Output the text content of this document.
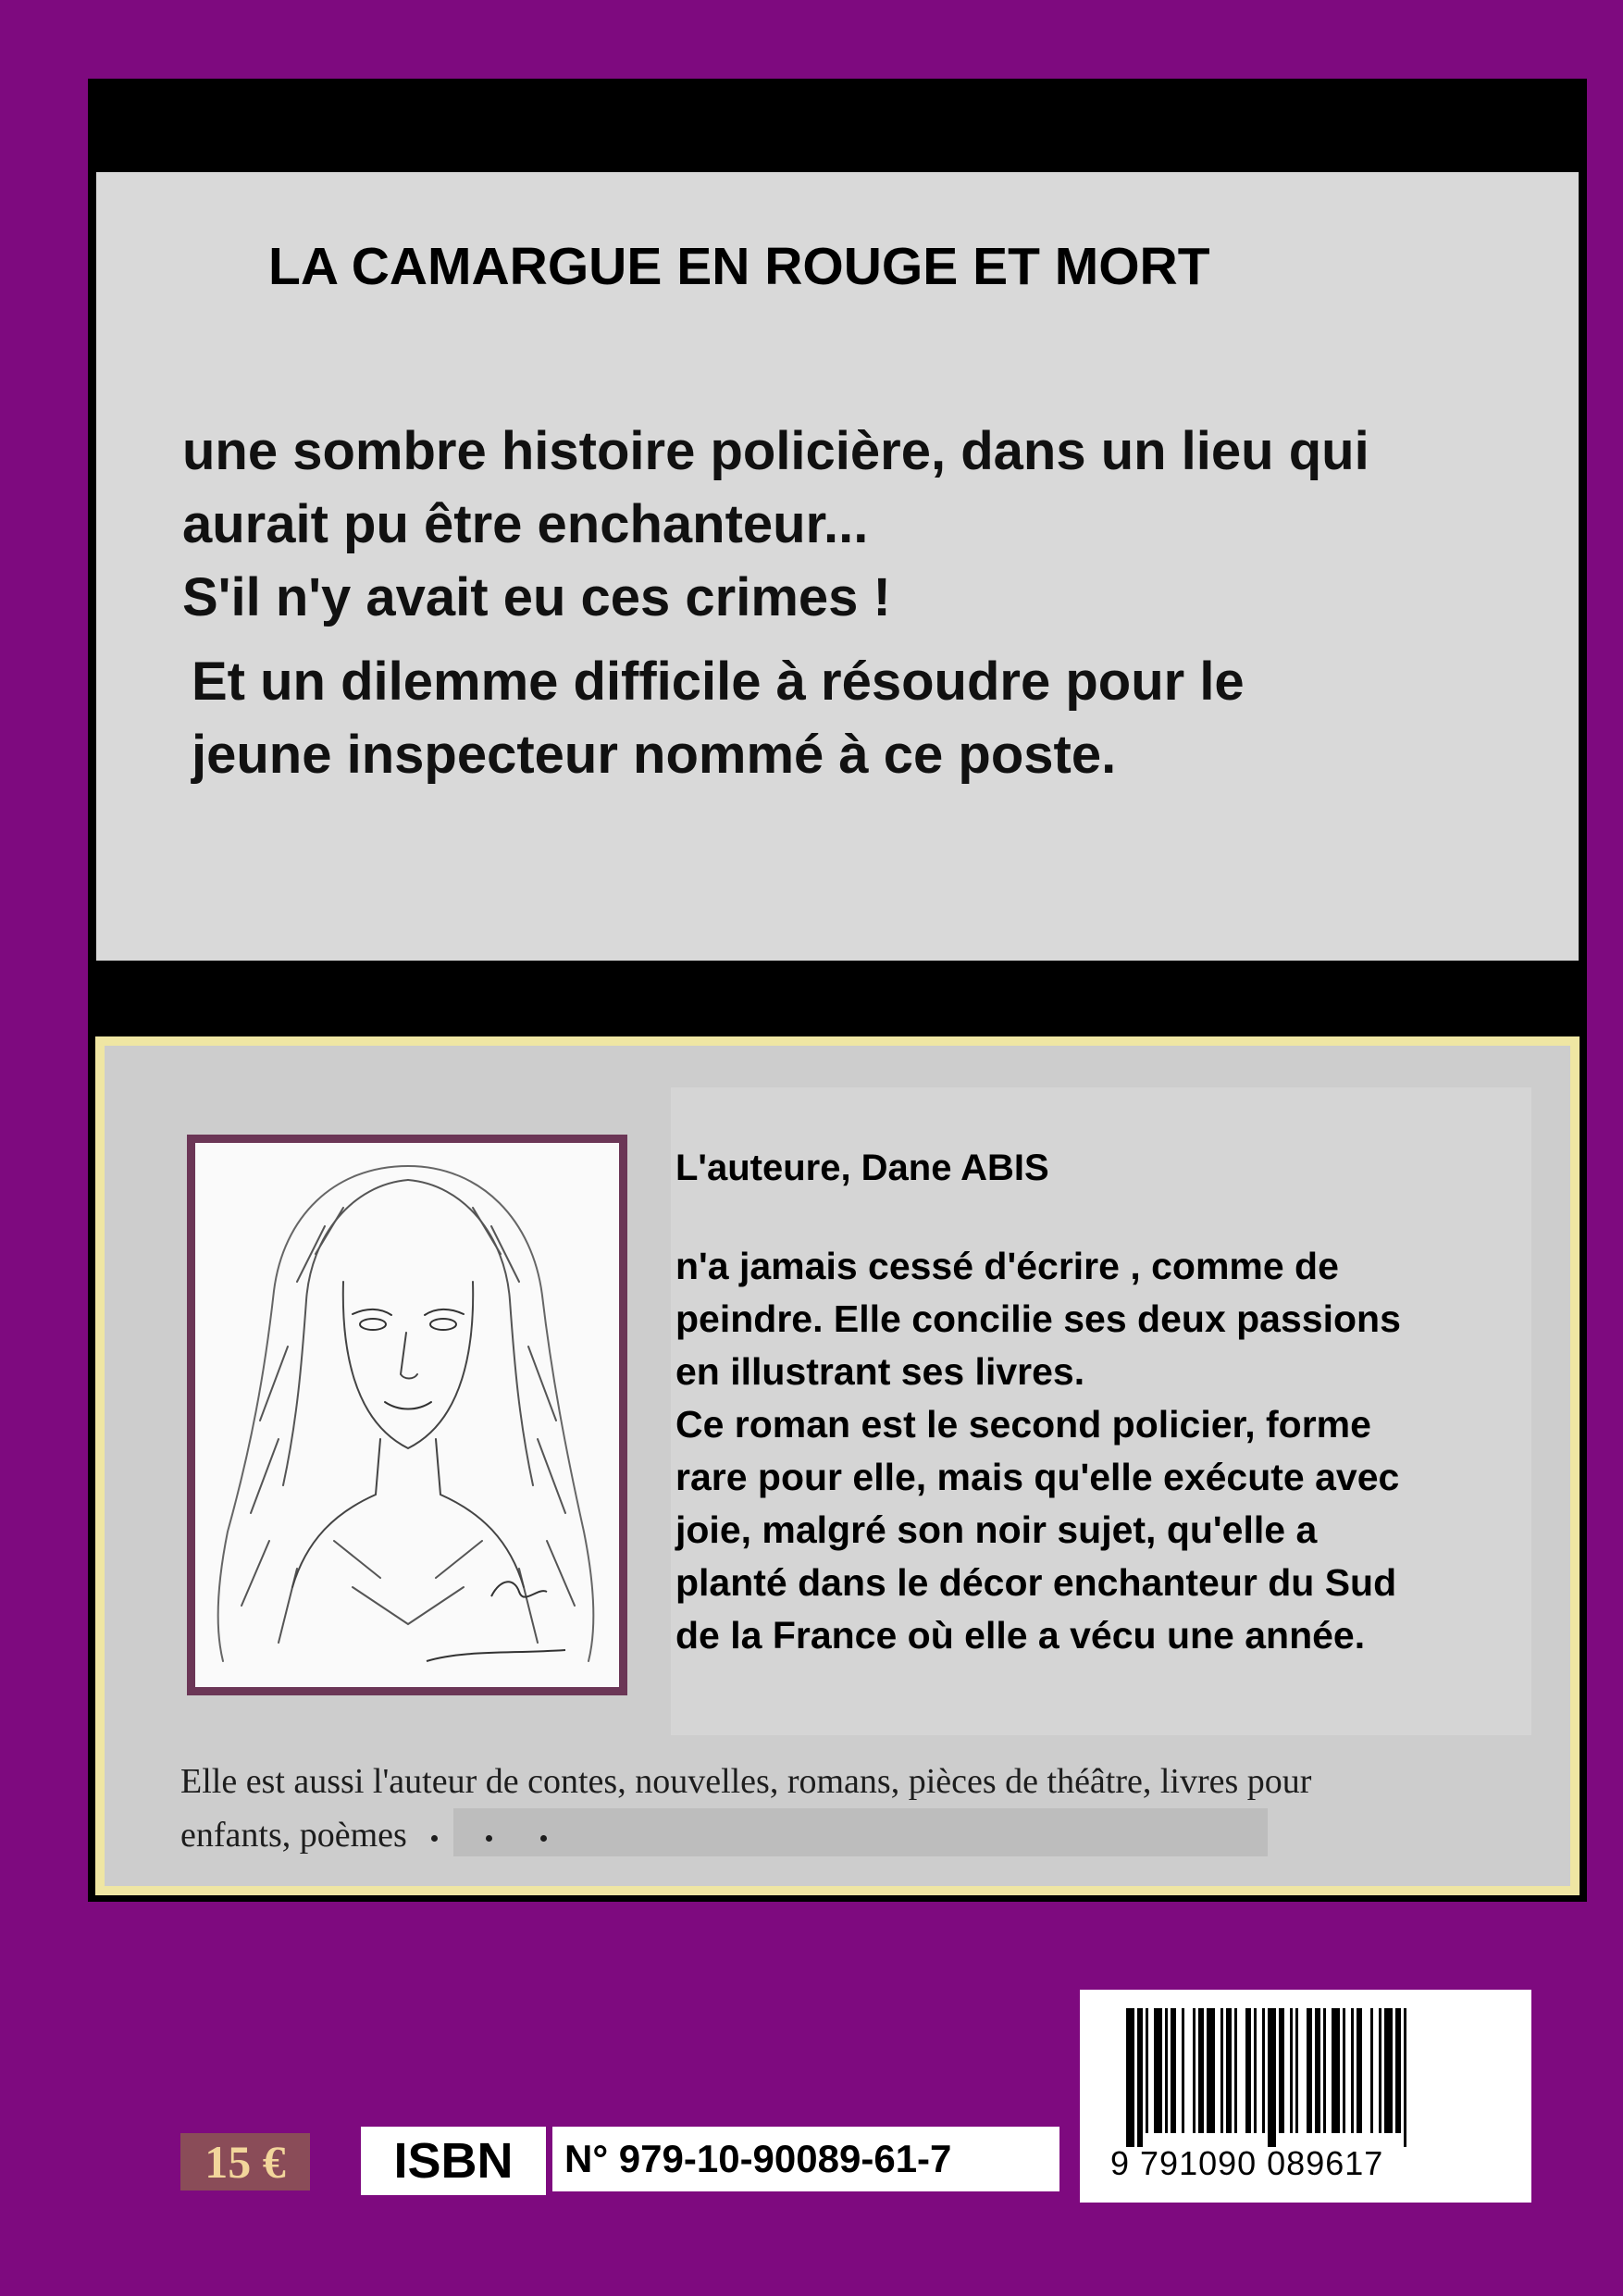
LA CAMARGUE EN ROUGE ET MORT
une sombre histoire policière, dans un lieu qui
aurait pu être enchanteur...
S'il n'y avait eu ces crimes !
Et un dilemme difficile à résoudre pour le
jeune inspecteur nommé à ce poste.
L'auteure, Dane ABIS
n'a jamais cessé d'écrire , comme de
peindre. Elle concilie ses deux passions
en illustrant ses livres.
Ce roman est le second policier, forme
rare pour elle, mais qu'elle exécute avec
joie, malgré son noir sujet, qu'elle a
planté dans le décor enchanteur du Sud
de la France où elle a vécu une année.
Elle est aussi l'auteur de contes, nouvelles, romans, pièces de théâtre, livres pour
enfants, poèmes
15 €	ISBN	N° 979-10-90089-61-7	9 791090 089617
